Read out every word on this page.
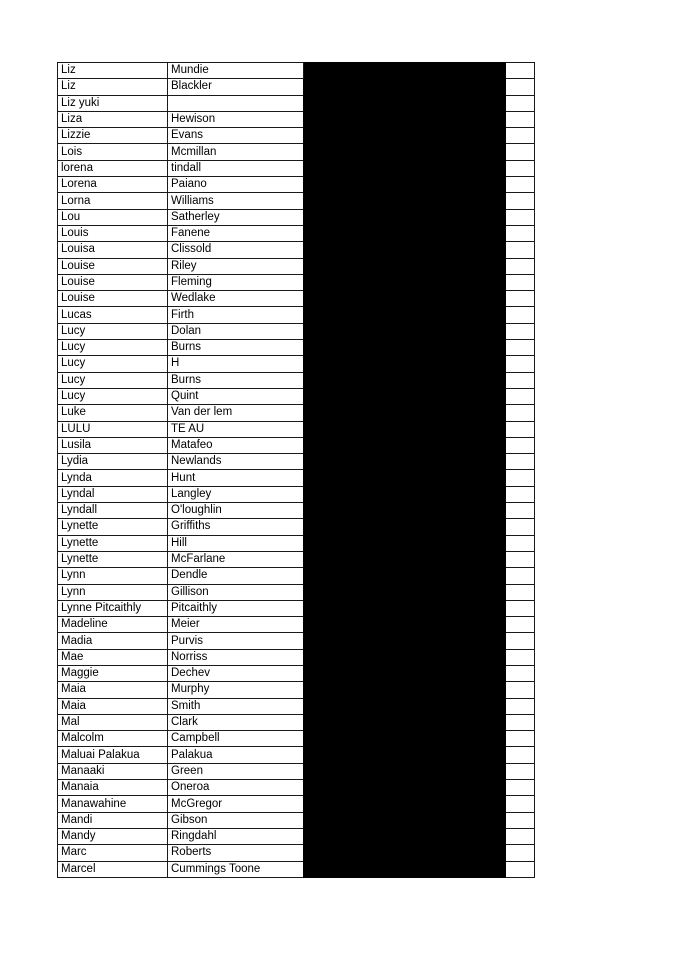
Liz	Mundie		
Liz	Blackler		
Liz yuki			
Liza	Hewison		
Lizzie	Evans		
Lois	Mcmillan		
lorena	tindall		
Lorena	Paiano		
Lorna	Williams		
Lou	Satherley		
Louis	Fanene		
Louisa	Clissold		
Louise	Riley		
Louise	Fleming		
Louise	Wedlake		
Lucas	Firth		
Lucy	Dolan		
Lucy	Burns		
Lucy	H		
Lucy	Burns		
Lucy	Quint		
Luke	Van der lem		
LULU	TE AU		
Lusila	Matafeo		
Lydia	Newlands		
Lynda	Hunt		
Lyndal	Langley		
Lyndall	O'loughlin		
Lynette	Griffiths		
Lynette	Hill		
Lynette	McFarlane		
Lynn	Dendle		
Lynn	Gillison		
Lynne Pitcaithly	Pitcaithly		
Madeline	Meier		
Madia	Purvis		
Mae	Norriss		
Maggie	Dechev		
Maia	Murphy		
Maia	Smith		
Mal	Clark		
Malcolm	Campbell		
Maluai Palakua	Palakua		
Manaaki	Green		
Manaia	Oneroa		
Manawahine	McGregor		
Mandi	Gibson		
Mandy	Ringdahl		
Marc	Roberts		
Marcel	Cummings Toone		
